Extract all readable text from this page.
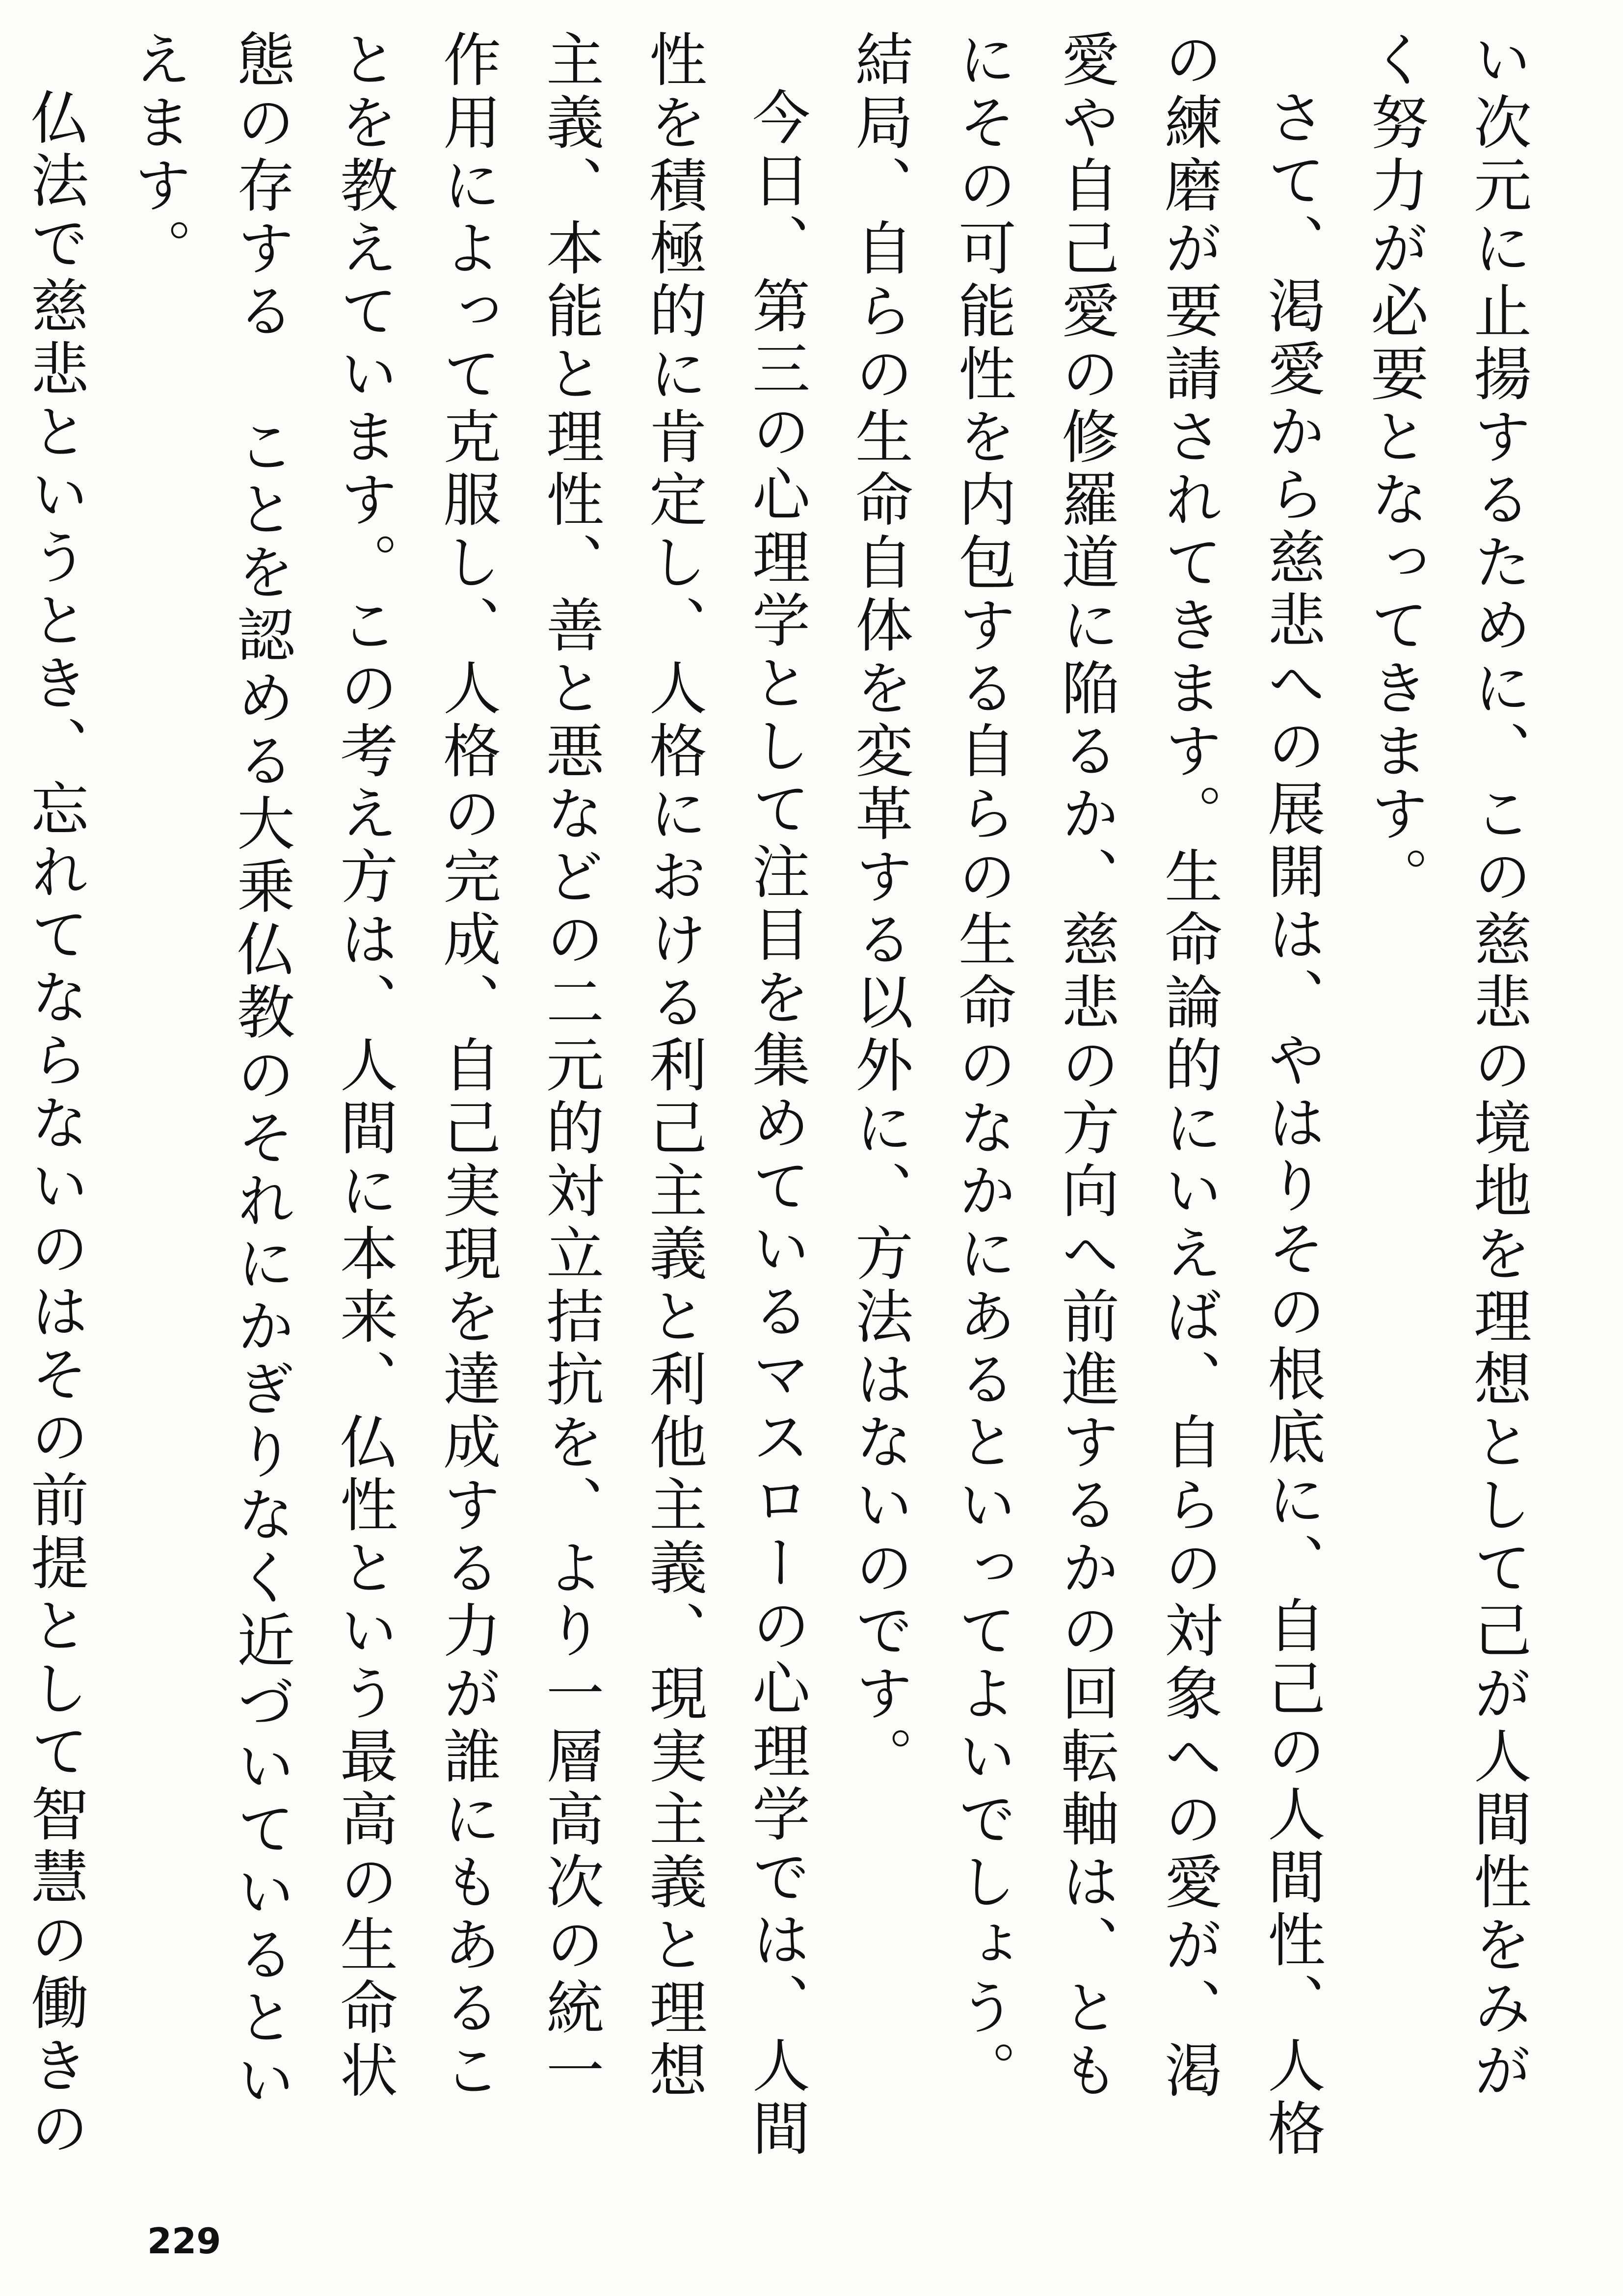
い次元に止揚するために、この慈悲の境地を理想として己が人間性をみがく努力が必要となってきます。

さて、渇愛から慈悲への展開は、やはりその根底に、自己の人間性、人格の練磨が要請されてきます。生命論的にいえば、自らの対象への愛が、渇愛や自己愛の修羅道に陥るか、慈悲の方向へ前進するかの回転軸は、ともにその可能性を内包する自らの生命のなかにあるといってよいでしょう。結局、自らの生命自体を変革する以外に、方法はないのです。

今日、第三の心理学として注目を集めているマスローの心理学では、人間性を積極的に肯定し、人格における利己主義と利他主義、現実主義と理想主義、本能と理性、善と悪などの二元的対立拮抗を、より一層高次の統一作用によって克服し、人格の完成、自己実現を達成する力が誰にもあることを教えています。この考え方は、人間に本来、仏性という最高の生命状態の存する ことを認める大乗仏教のそれにかぎりなく近づいているといえます。

仏法で慈悲というとき、忘れてならないのはその前提として智慧の働きの

229
